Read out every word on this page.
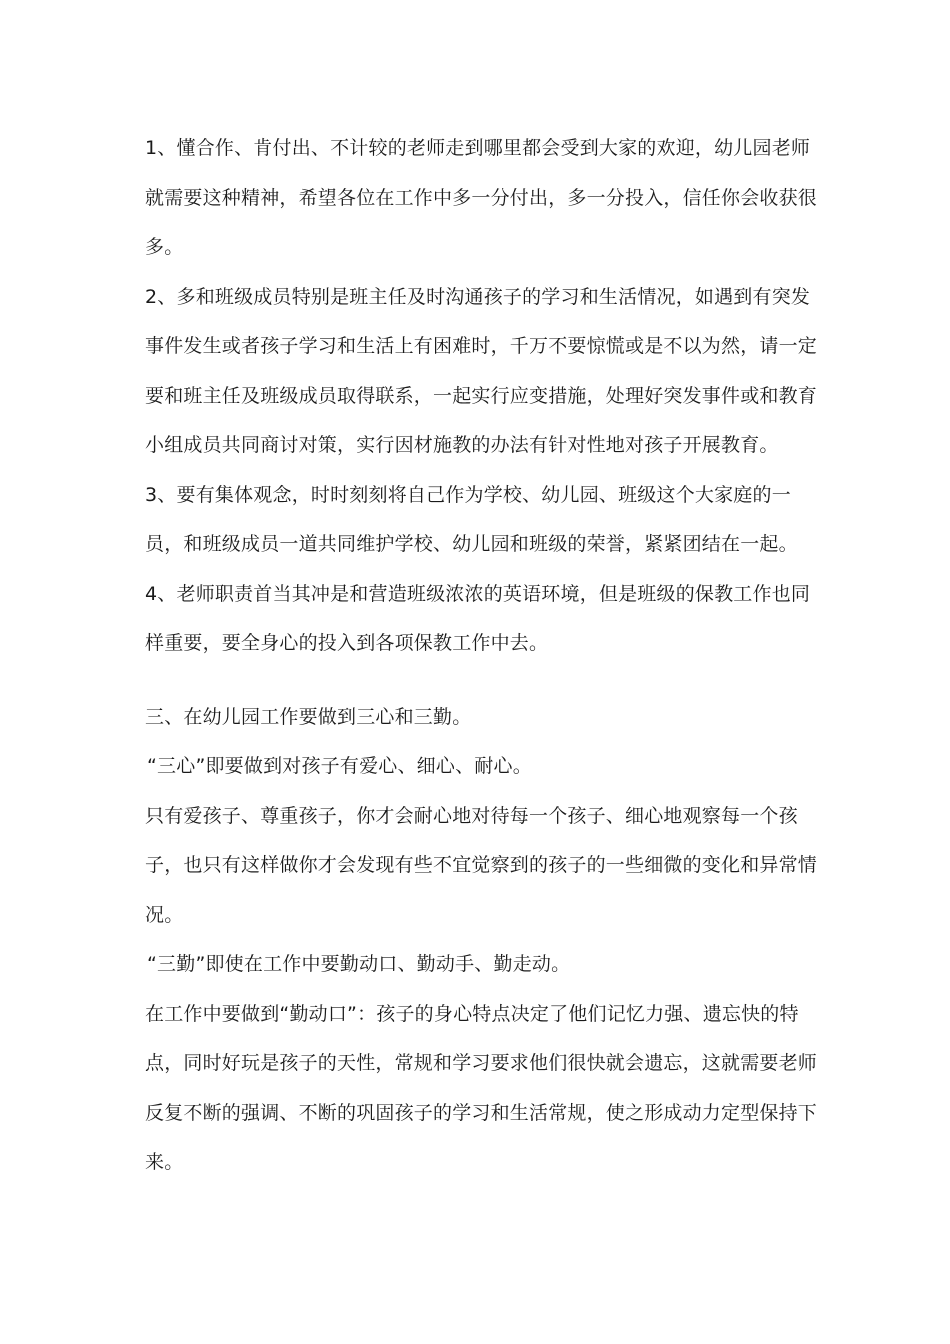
1、懂合作、肯付出、不计较的老师走到哪里都会受到大家的欢迎，幼儿园老师就需要这种精神，希望各位在工作中多一分付出，多一分投入，信任你会收获很多。

2、多和班级成员特别是班主任及时沟通孩子的学习和生活情况，如遇到有突发事件发生或者孩子学习和生活上有困难时，千万不要惊慌或是不以为然，请一定要和班主任及班级成员取得联系，一起实行应变措施，处理好突发事件或和教育小组成员共同商讨对策，实行因材施教的办法有针对性地对孩子开展教育。

3、要有集体观念，时时刻刻将自己作为学校、幼儿园、班级这个大家庭的一员，和班级成员一道共同维护学校、幼儿园和班级的荣誉，紧紧团结在一起。

4、老师职责首当其冲是和营造班级浓浓的英语环境，但是班级的保教工作也同样重要，要全身心的投入到各项保教工作中去。

三、在幼儿园工作要做到三心和三勤。

“三心”即要做到对孩子有爱心、细心、耐心。

只有爱孩子、尊重孩子，你才会耐心地对待每一个孩子、细心地观察每一个孩子，也只有这样做你才会发现有些不宜觉察到的孩子的一些细微的变化和异常情况。

“三勤”即使在工作中要勤动口、勤动手、勤走动。

在工作中要做到“勤动口”：孩子的身心特点决定了他们记忆力强、遗忘快的特点，同时好玩是孩子的天性，常规和学习要求他们很快就会遗忘，这就需要老师反复不断的强调、不断的巩固孩子的学习和生活常规，使之形成动力定型保持下来。
